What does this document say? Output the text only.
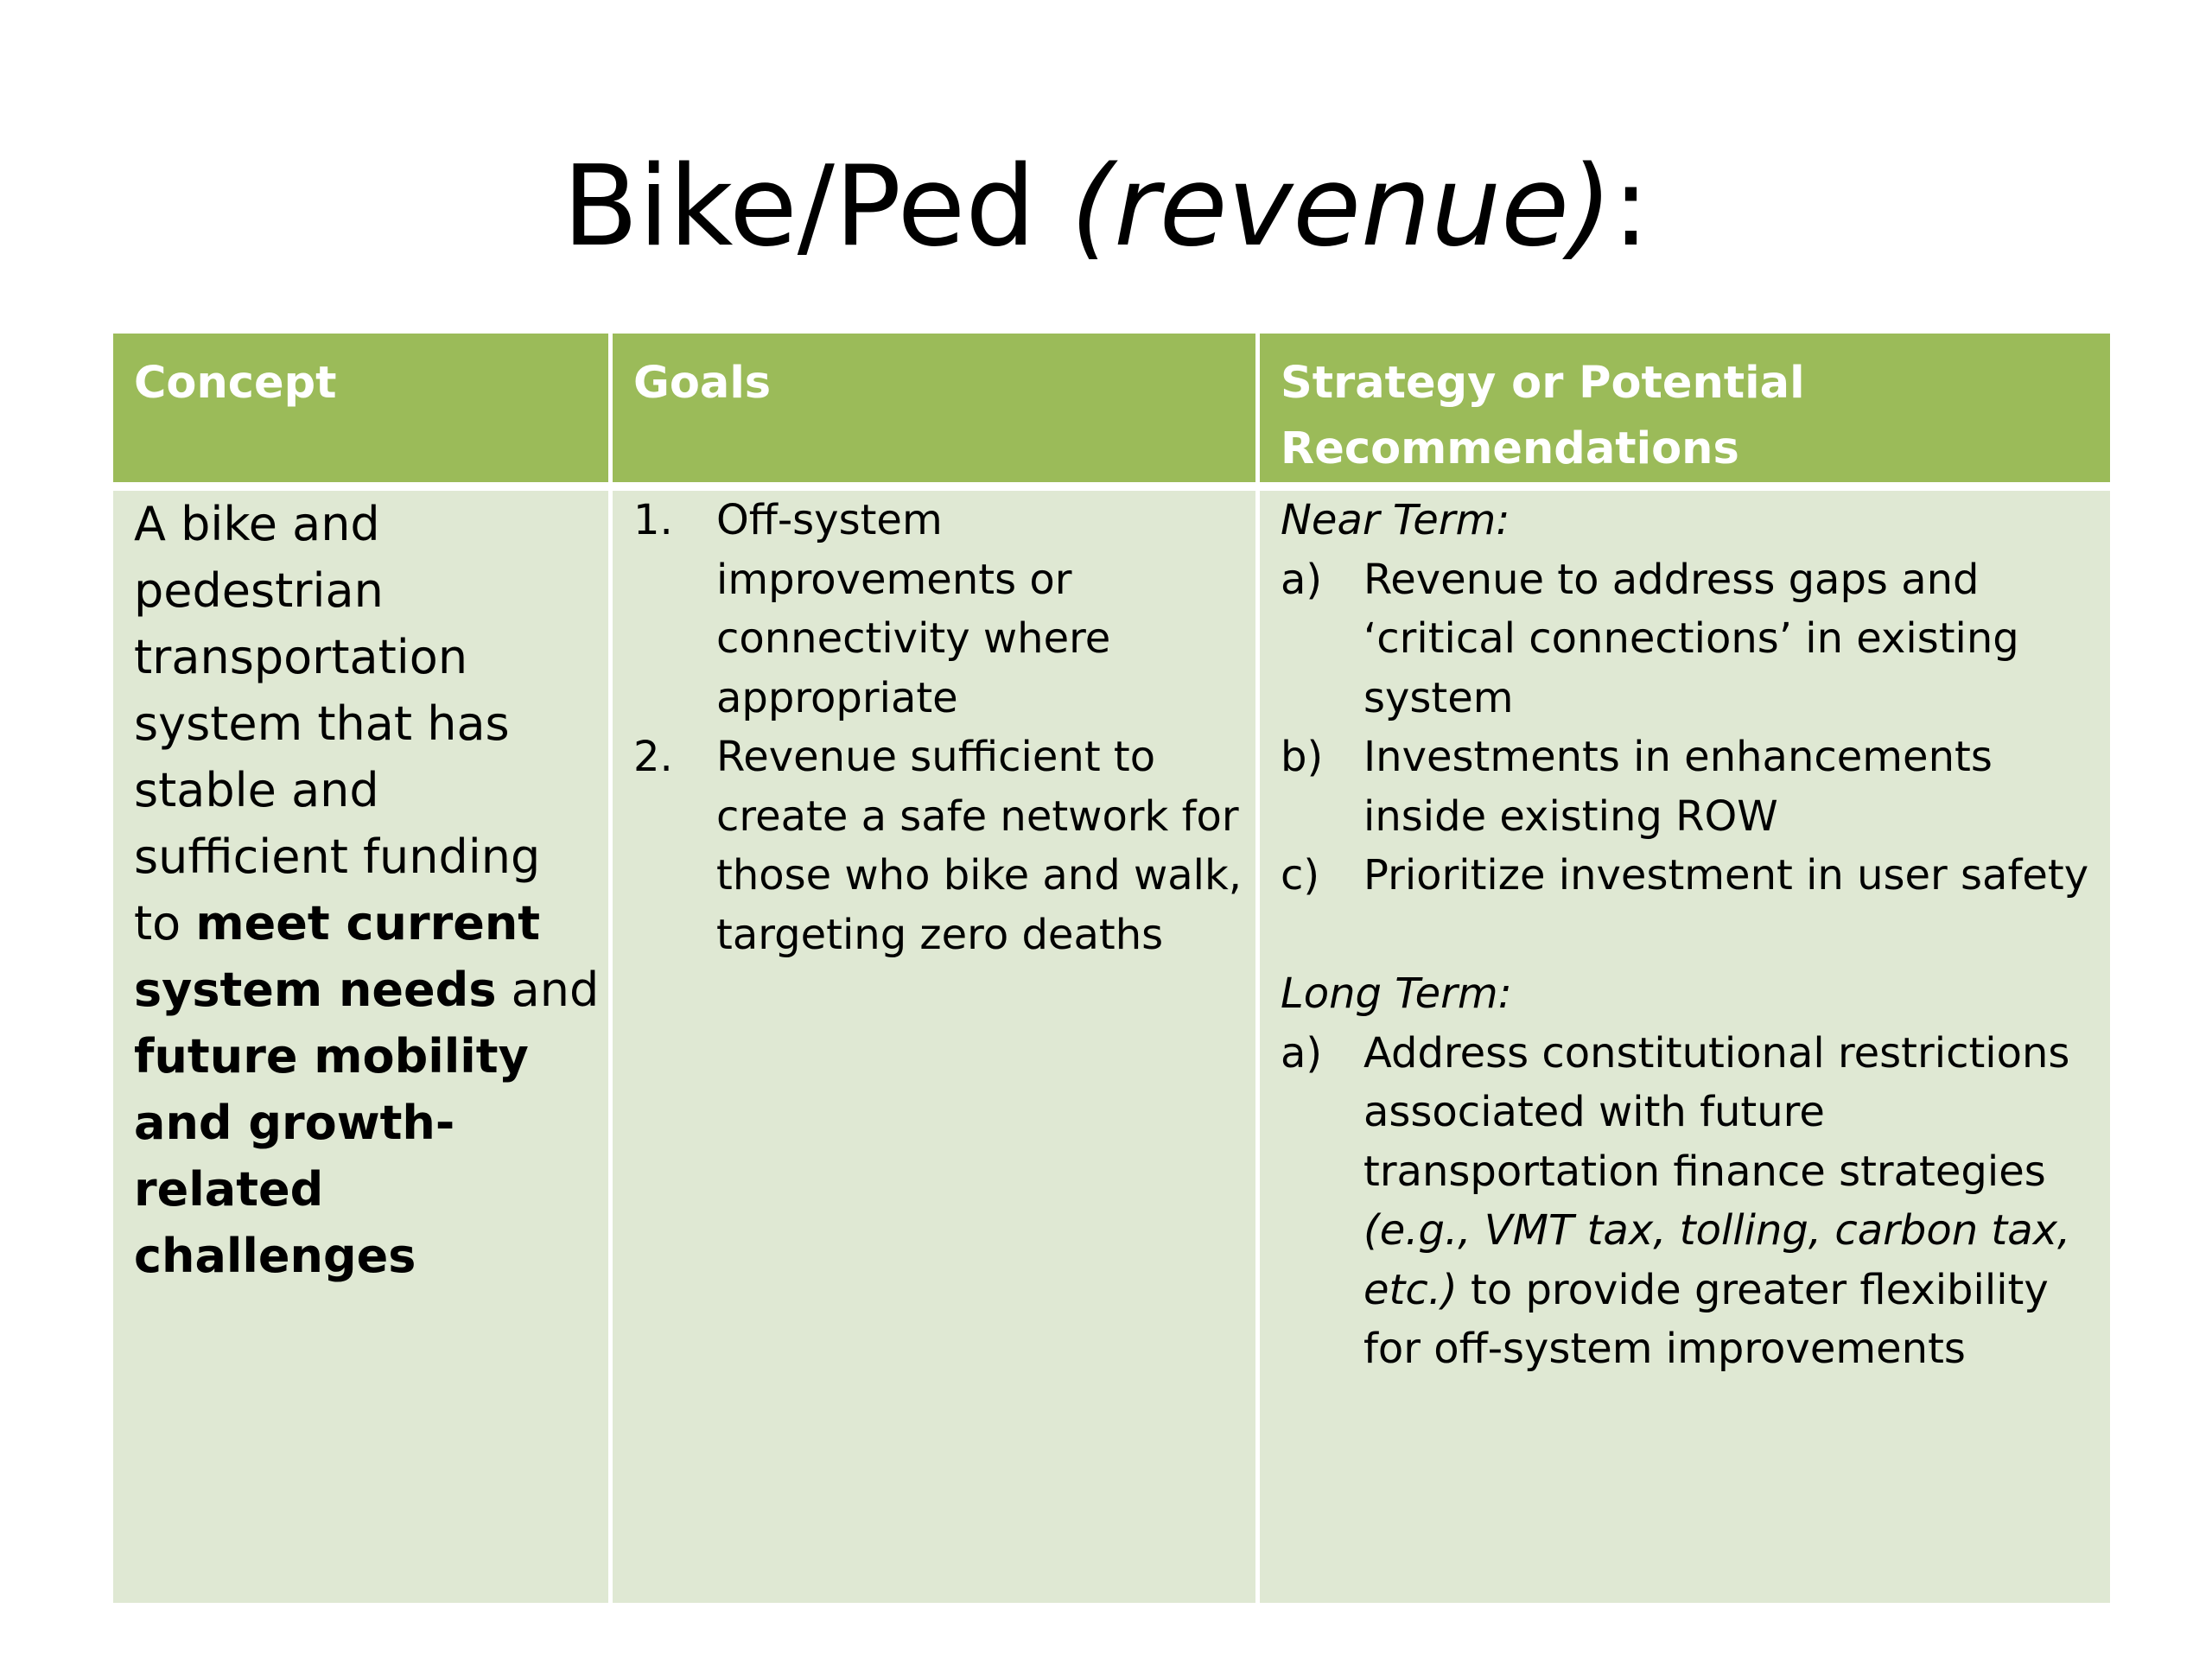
Bike/Ped (revenue):
Concept
A bike and pedestrian transportation system that has stable and sufficient funding to meet current system needs and future mobility and growth-related challenges
Goals
1. Off-system improvements or connectivity where appropriate
2. Revenue sufficient to create a safe network for those who bike and walk, targeting zero deaths
Strategy or Potential Recommendations
Near Term:
a) Revenue to address gaps and ‘critical connections’ in existing system
b) Investments in enhancements inside existing ROW
c) Prioritize investment in user safety
Long Term:
a) Address constitutional restrictions associated with future transportation finance strategies (e.g., VMT tax, tolling, carbon tax, etc.) to provide greater flexibility for off-system improvements
